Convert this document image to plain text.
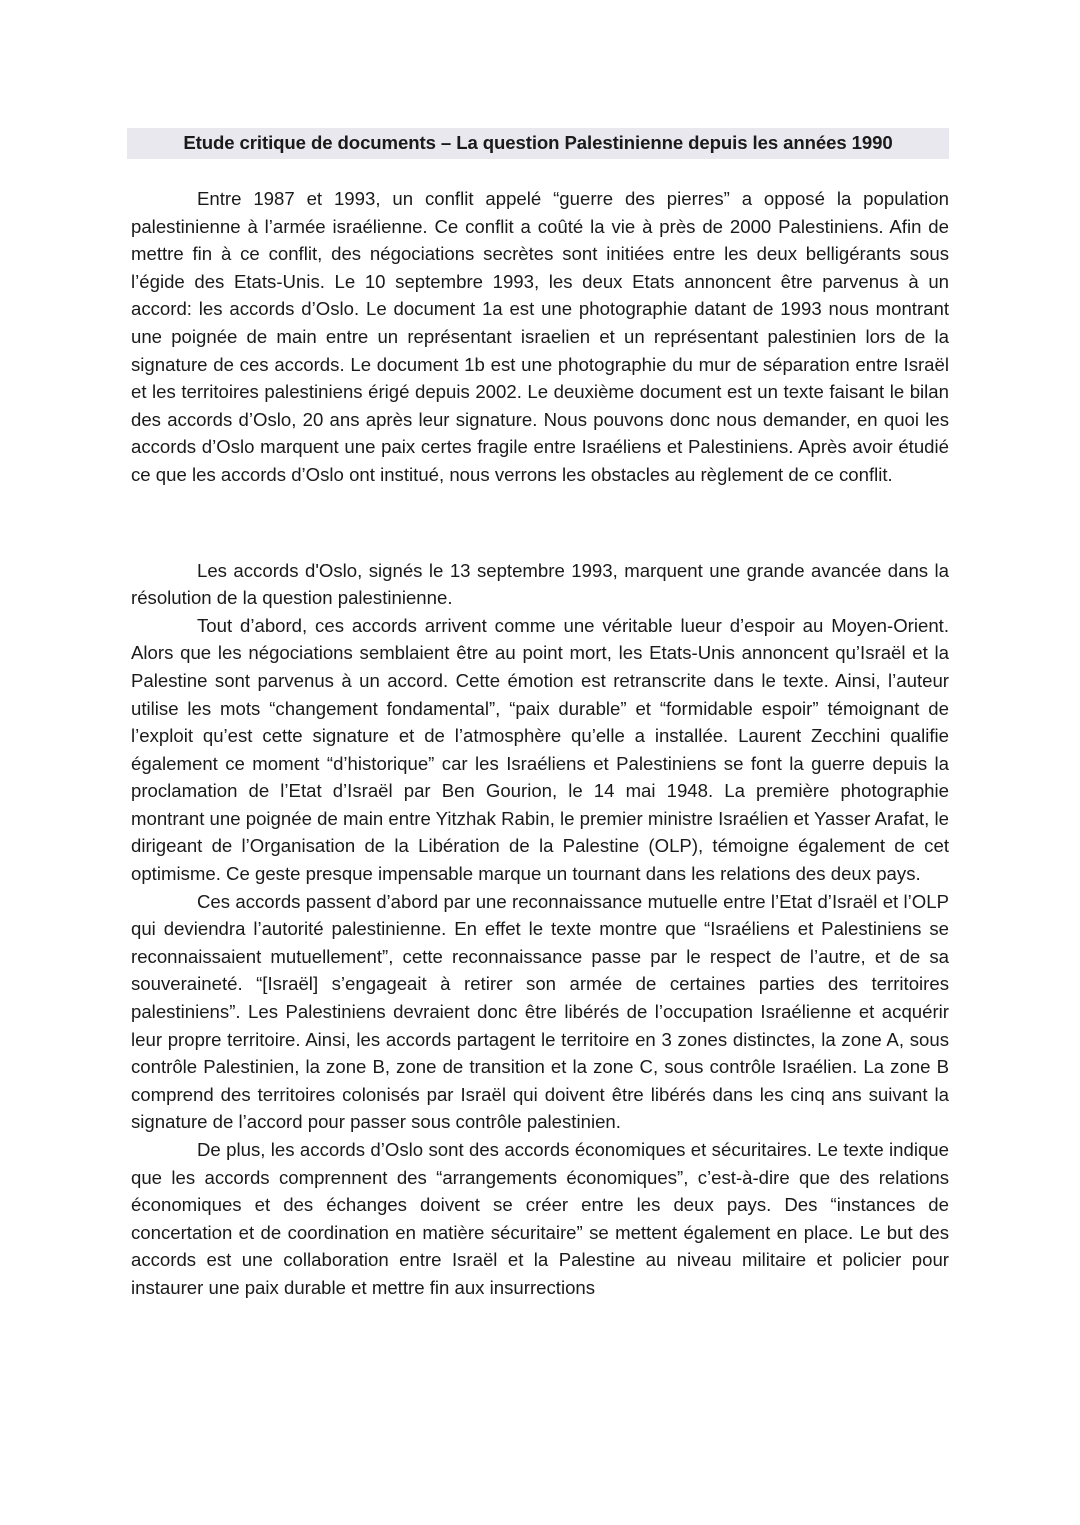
Etude critique de documents – La question Palestinienne depuis les années 1990

Entre 1987 et 1993, un conflit appelé “guerre des pierres” a opposé la population palestinienne à l’armée israélienne. Ce conflit a coûté la vie à près de 2000 Palestiniens. Afin de mettre fin à ce conflit, des négociations secrètes sont initiées entre les deux belligérants sous l’égide des Etats-Unis. Le 10 septembre 1993, les deux Etats annoncent être parvenus à un accord: les accords d’Oslo. Le document 1a est une photographie datant de 1993 nous montrant une poignée de main entre un représentant israelien et un représentant palestinien lors de la signature de ces accords. Le document 1b est une photographie du mur de séparation entre Israël et les territoires palestiniens érigé depuis 2002. Le deuxième document est un texte faisant le bilan des accords d’Oslo, 20 ans après leur signature. Nous pouvons donc nous demander, en quoi les accords d’Oslo marquent une paix certes fragile entre Israéliens et Palestiniens. Après avoir étudié ce que les accords d’Oslo ont institué, nous verrons les obstacles au règlement de ce conflit.

Les accords d'Oslo, signés le 13 septembre 1993, marquent une grande avancée dans la résolution de la question palestinienne.

Tout d’abord, ces accords arrivent comme une véritable lueur d’espoir au Moyen-Orient. Alors que les négociations semblaient être au point mort, les Etats-Unis annoncent qu’Israël et la Palestine sont parvenus à un accord. Cette émotion est retranscrite dans le texte. Ainsi, l’auteur utilise les mots “changement fondamental”, “paix durable” et “formidable espoir” témoignant de l’exploit qu’est cette signature et de l’atmosphère qu’elle a installée. Laurent Zecchini qualifie également ce moment “d’historique” car les Israéliens et Palestiniens se font la guerre depuis la proclamation de l’Etat d’Israël par Ben Gourion, le 14 mai 1948. La première photographie montrant une poignée de main entre Yitzhak Rabin, le premier ministre Israélien et Yasser Arafat, le dirigeant de l’Organisation de la Libération de la Palestine (OLP), témoigne également de cet optimisme. Ce geste presque impensable marque un tournant dans les relations des deux pays.

Ces accords passent d’abord par une reconnaissance mutuelle entre l’Etat d’Israël et l’OLP qui deviendra l’autorité palestinienne. En effet le texte montre que “Israéliens et Palestiniens se reconnaissaient mutuellement”, cette reconnaissance passe par le respect de l’autre, et de sa souveraineté. “[Israël] s’engageait à retirer son armée de certaines parties des territoires palestiniens”. Les Palestiniens devraient donc être libérés de l’occupation Israélienne et acquérir leur propre territoire. Ainsi, les accords partagent le territoire en 3 zones distinctes, la zone A, sous contrôle Palestinien, la zone B, zone de transition et la zone C, sous contrôle Israélien. La zone B comprend des territoires colonisés par Israël qui doivent être libérés dans les cinq ans suivant la signature de l’accord pour passer sous contrôle palestinien.

De plus, les accords d’Oslo sont des accords économiques et sécuritaires. Le texte indique que les accords comprennent des “arrangements économiques”, c’est-à-dire que des relations économiques et des échanges doivent se créer entre les deux pays. Des “instances de concertation et de coordination en matière sécuritaire” se mettent également en place. Le but des accords est une collaboration entre Israël et la Palestine au niveau militaire et policier pour instaurer une paix durable et mettre fin aux insurrections
